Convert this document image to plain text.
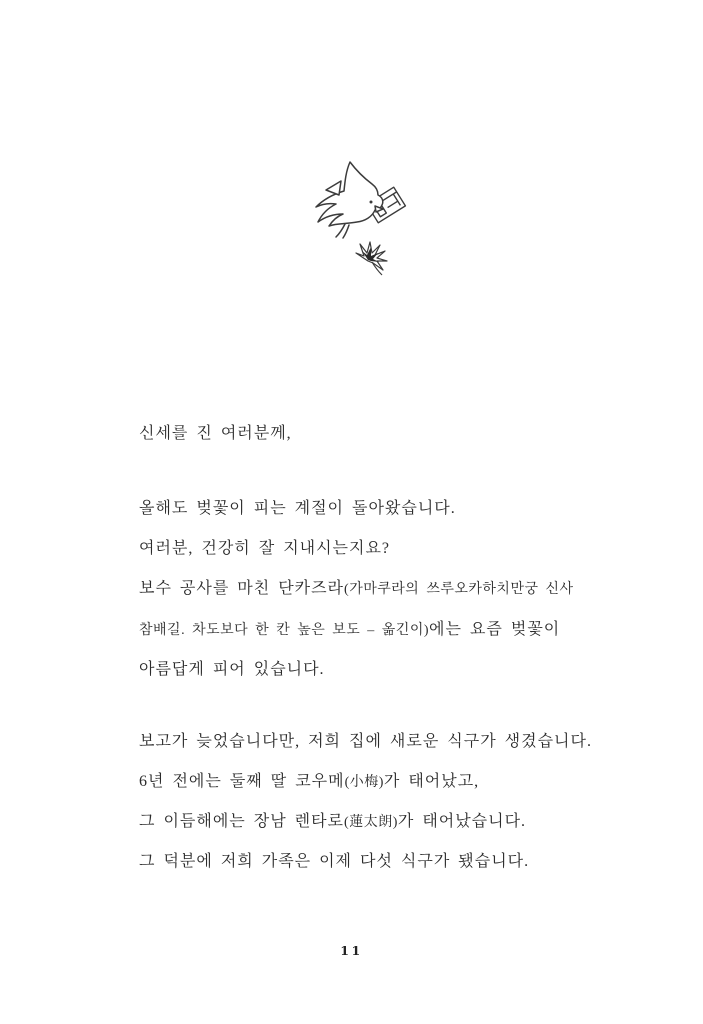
신세를 진 여러분께,
올해도 벚꽃이 피는 계절이 돌아왔습니다.
여러분, 건강히 잘 지내시는지요?
보수 공사를 마친 단카즈라(가마쿠라의 쓰루오카하치만궁 신사
참배길. 차도보다 한 칸 높은 보도 – 옮긴이)에는 요즘 벚꽃이
아름답게 피어 있습니다.
보고가 늦었습니다만, 저희 집에 새로운 식구가 생겼습니다.
6년 전에는 둘째 딸 코우메(小梅)가 태어났고,
그 이듬해에는 장남 렌타로(蓮太朗)가 태어났습니다.
그 덕분에 저희 가족은 이제 다섯 식구가 됐습니다.
11
